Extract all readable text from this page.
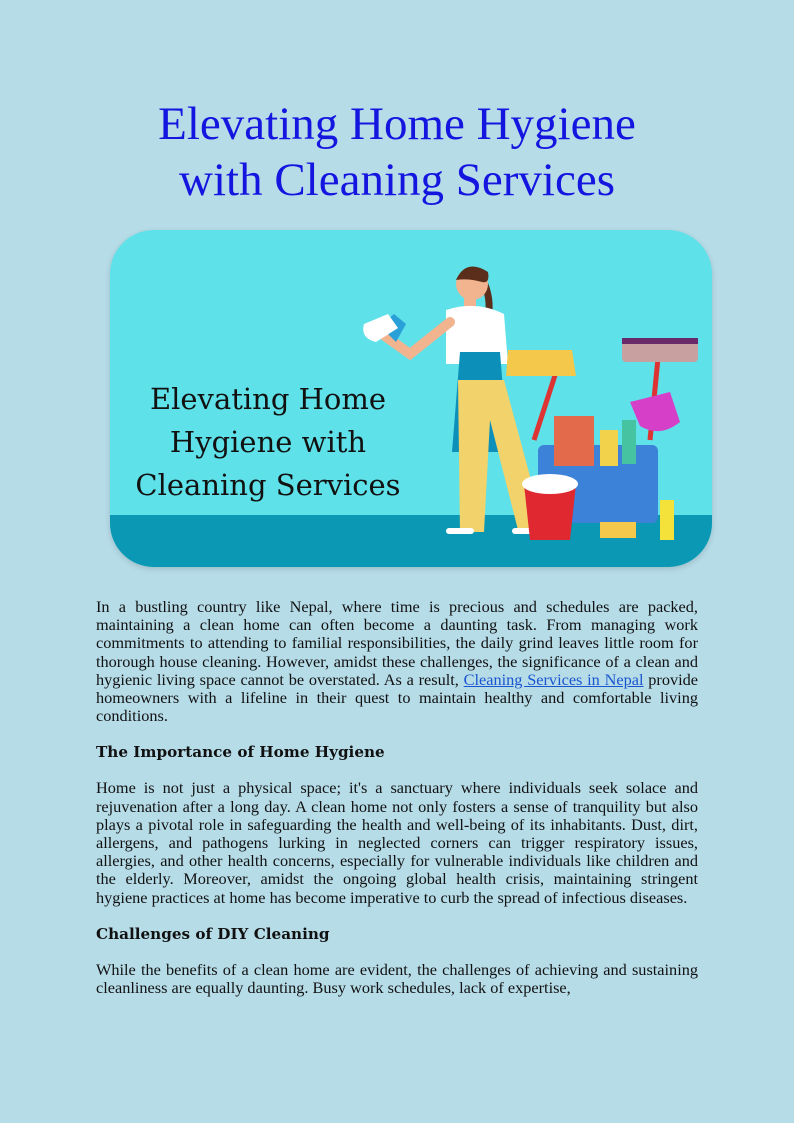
Elevating Home Hygiene
with Cleaning Services
Elevating Home
Hygiene with
Cleaning Services

In a bustling country like Nepal, where time is precious and schedules are packed, maintaining a clean home can often become a daunting task. From managing work commitments to attending to familial responsibilities, the daily grind leaves little room for thorough house cleaning. However, amidst these challenges, the significance of a clean and hygienic living space cannot be overstated. As a result, Cleaning Services in Nepal provide homeowners with a lifeline in their quest to maintain healthy and comfortable living conditions.

The Importance of Home Hygiene

Home is not just a physical space; it's a sanctuary where individuals seek solace and rejuvenation after a long day. A clean home not only fosters a sense of tranquility but also plays a pivotal role in safeguarding the health and well-being of its inhabitants. Dust, dirt, allergens, and pathogens lurking in neglected corners can trigger respiratory issues, allergies, and other health concerns, especially for vulnerable individuals like children and the elderly. Moreover, amidst the ongoing global health crisis, maintaining stringent hygiene practices at home has become imperative to curb the spread of infectious diseases.

Challenges of DIY Cleaning

While the benefits of a clean home are evident, the challenges of achieving and sustaining cleanliness are equally daunting. Busy work schedules, lack of expertise,
